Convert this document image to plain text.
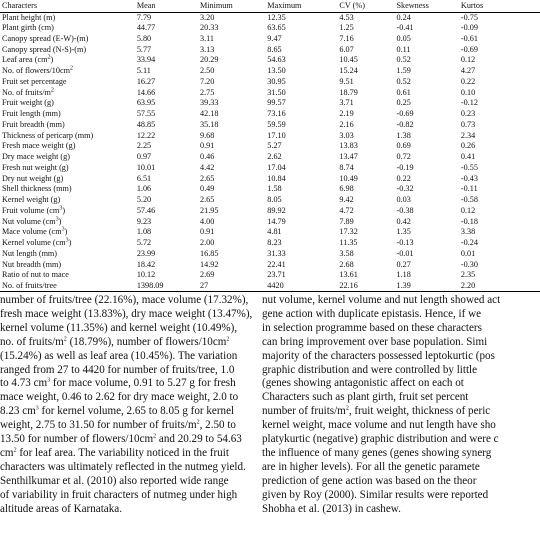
Characters	Mean	Minimum	Maximum	CV (%)	Skewness	Kurtos
Plant height (m)	7.79	3.20	12.35	4.53	0.24	-0.75
Plant girth (cm)	44.77	20.33	63.65	1.25	-0.41	-0.09
Canopy spread (E-W)-(m)	5.80	3.11	9.47	7.16	0.05	-0.61
Canopy spread (N-S)-(m)	5.77	3.13	8.65	6.07	0.11	-0.69
Leaf area $(cm^2)$	33.94	20.29	54.63	10.45	0.52	0.12
No. of flowers/$10cm^2$	5.11	2.50	13.50	15.24	1.59	4.27
Fruit set percentage	16.27	7.20	30.95	9.51	0.52	0.22
No. of fruits/$m^2$	14.66	2.75	31.50	18.79	0.61	0.10
Fruit weight (g)	63.95	39.33	99.57	3.71	0.25	-0.12
Fruit length (mm)	57.55	42.18	73.16	2.19	-0.69	0.23
Fruit breadth (mm)	48.85	35.18	59.59	2.16	-0.82	0.73
Thickness of pericarp (mm)	12.22	9.68	17.10	3.03	1.38	2.34
Fresh mace weight (g)	2.25	0.91	5.27	13.83	0.69	0.26
Dry mace weight (g)	0.97	0.46	2.62	13.47	0.72	0.41
Fresh nut weight (g)	10.01	4.42	17.04	8.74	-0.19	-0.55
Dry nut weight (g)	6.51	2.65	10.84	10.49	0.22	-0.43
Shell thickness (mm)	1.06	0.49	1.58	6.98	-0.32	-0.11
Kernel weight (g)	5.20	2.65	8.05	9.42	0.03	-0.58
Fruit volume $(cm^3)$	57.46	21.95	89.92	4.72	-0.38	0.12
Nut volume $(cm^3)$	9.23	4.00	14.79	7.89	0.42	-0.18
Mace volume $(cm^3)$	1.08	0.91	4.81	17.32	1.35	3.38
Kernel volume $(cm^3)$	5.72	2.00	8.23	11.35	-0.13	-0.24
Nut length (mm)	23.99	16.85	31.33	3.58	-0.01	0.01
Nut breadth (mm)	18.42	14.92	22.41	2.68	0.27	-0.30
Ratio of nut to mace	10.12	2.69	23.71	13.61	1.18	2.35
No. of fruits/tree	1398.09	27	4420	22.16	1.39	2.20
number of fruits/tree (22.16%), mace volume (17.32%),
fresh mace weight (13.83%), dry mace weight (13.47%),
kernel volume (11.35%) and kernel weight (10.49%),
no. of fruits/$m^2$ (18.79%), number of flowers/$10cm^2$
(15.24%) as well as leaf area (10.45%). The variation
ranged from 27 to 4420 for number of fruits/tree, 1.0
to 4.73 $cm^3$ for mace volume, 0.91 to 5.27 g for fresh
mace weight, 0.46 to 2.62 for dry mace weight, 2.0 to
8.23 $cm^3$ for kernel volume, 2.65 to 8.05 g for kernel
weight, 2.75 to 31.50 for number of fruits/$m^2$, 2.50 to
13.50 for number of flowers/$10cm^2$ and 20.29 to 54.63
$cm^2$ for leaf area. The variability noticed in the fruit
characters was ultimately reflected in the nutmeg yield.
Senthilkumar et al. (2010) also reported wide range
of variability in fruit characters of nutmeg under high
altitude areas of Karnataka.
nut volume, kernel volume and nut length showed act
gene action with duplicate epistasis. Hence, if we
in selection programme based on these characters
can bring improvement over base population. Simi
majority of the characters possessed leptokurtic (pos
graphic distribution and were controlled by little
(genes showing antagonistic affect on each ot
Characters such as plant girth, fruit set percent
number of fruits/$m^2$, fruit weight, thickness of peric
kernel weight, mace volume and nut length have sho
platykurtic (negative) graphic distribution and were c
the influence of many genes (genes showing synerg
are in higher levels). For all the genetic paramete
prediction of gene action was based on the theor
given by Roy (2000). Similar results were reported
Shobha et al. (2013) in cashew.
